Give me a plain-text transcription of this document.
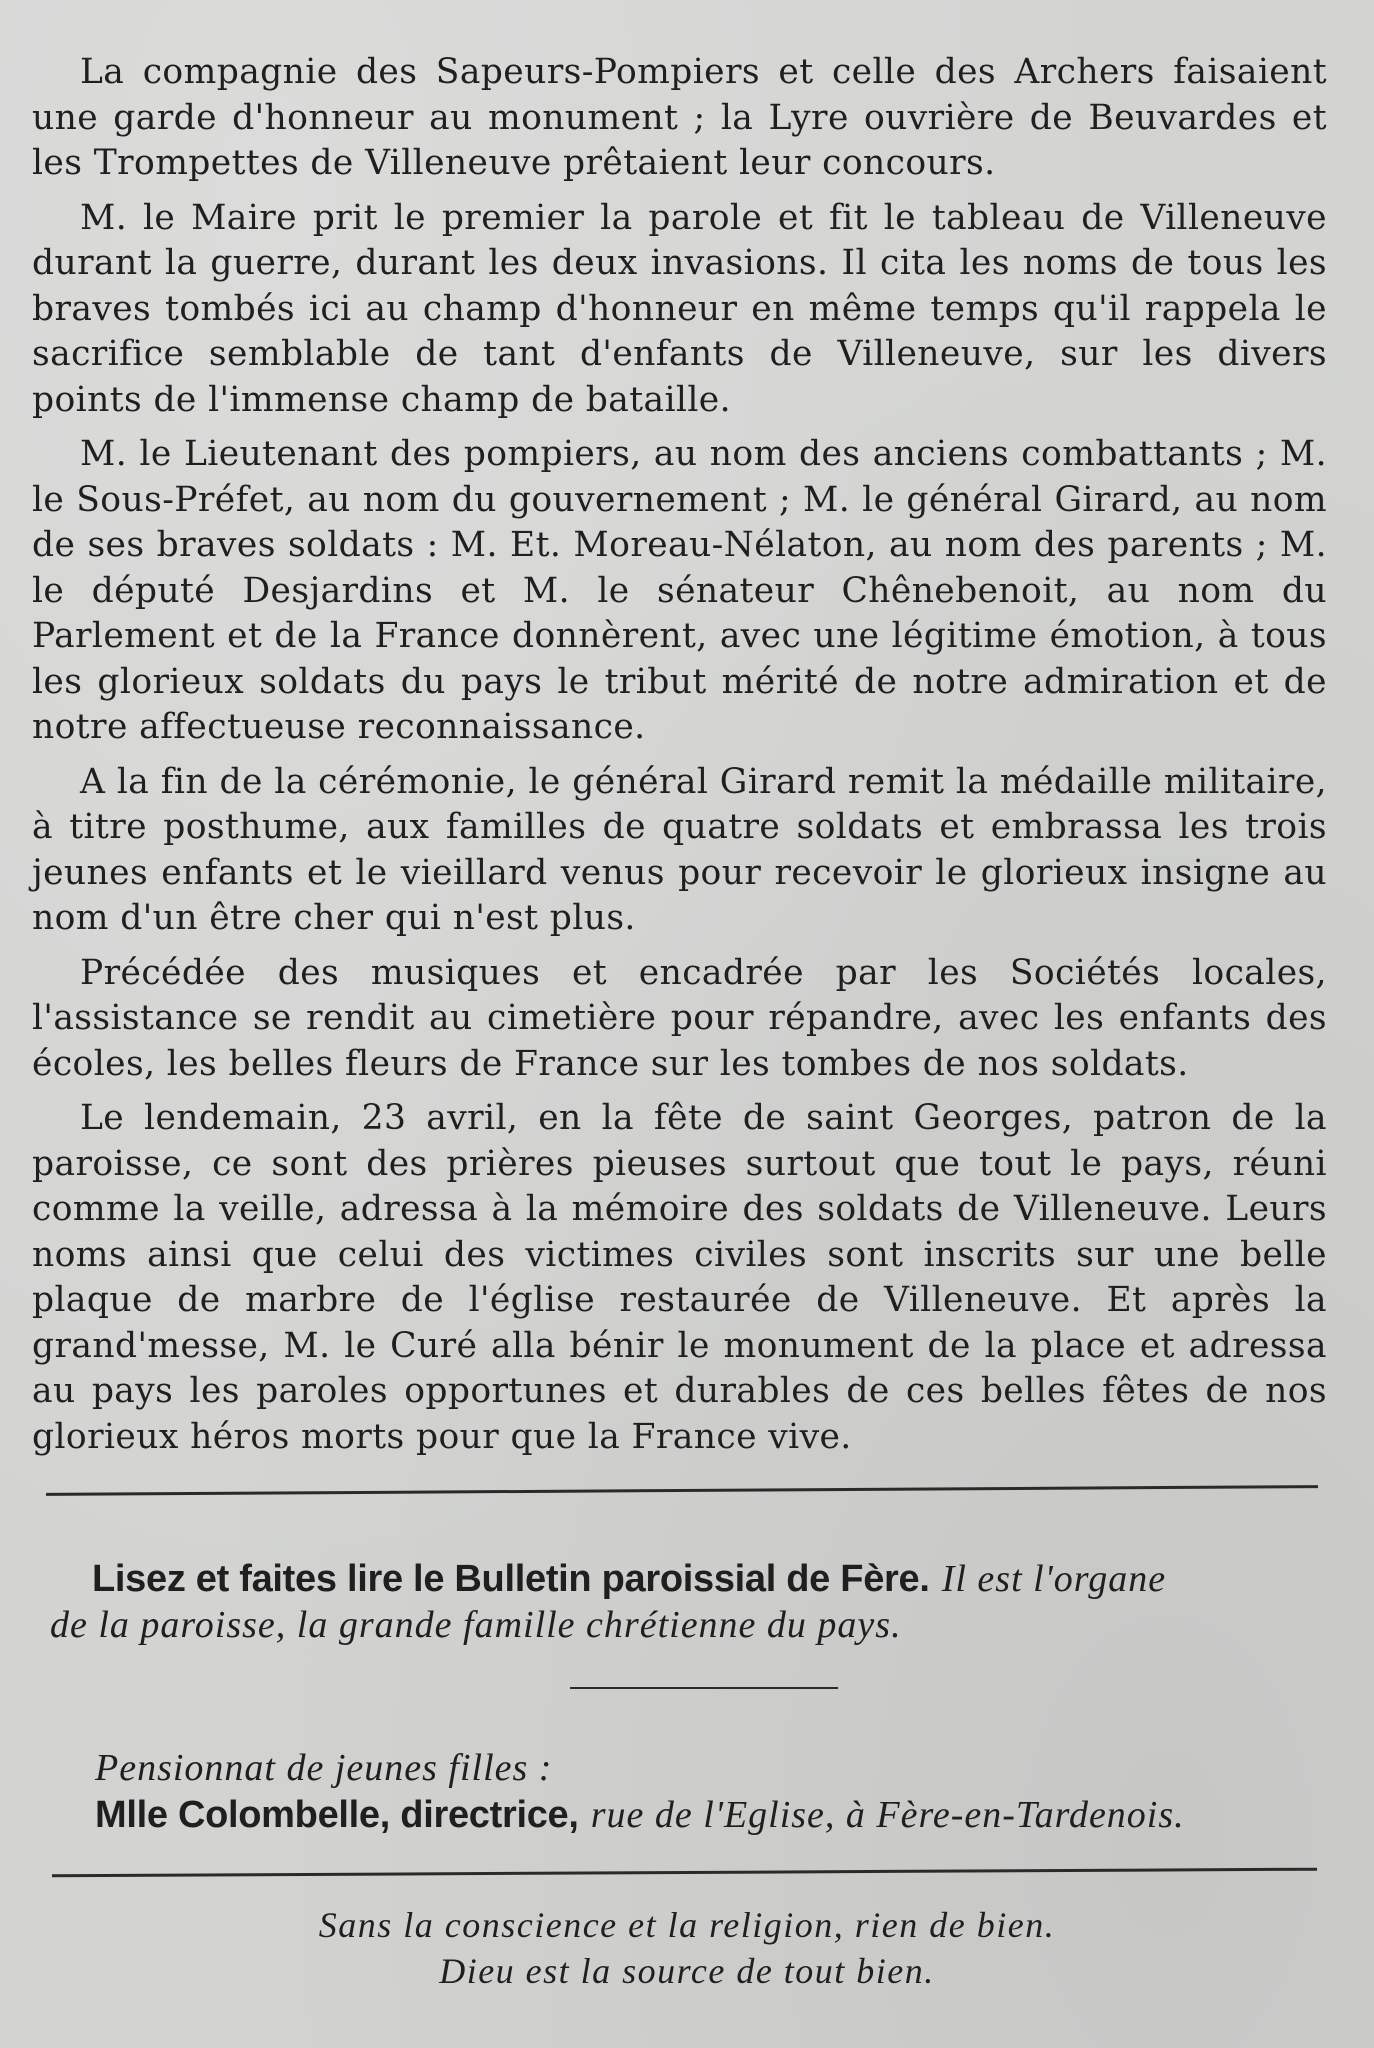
La compagnie des Sapeurs-Pompiers et celle des Archers faisaient une garde d'honneur au monument ; la Lyre ouvrière de Beuvardes et les Trompettes de Villeneuve prêtaient leur concours.

M. le Maire prit le premier la parole et fit le tableau de Villeneuve durant la guerre, durant les deux invasions. Il cita les noms de tous les braves tombés ici au champ d'honneur en même temps qu'il rappela le sacrifice semblable de tant d'enfants de Villeneuve, sur les divers points de l'immense champ de bataille.

M. le Lieutenant des pompiers, au nom des anciens combattants ; M. le Sous-Préfet, au nom du gouvernement ; M. le général Girard, au nom de ses braves soldats : M. Et. Moreau-Nélaton, au nom des parents ; M. le député Desjardins et M. le sénateur Chênebenoit, au nom du Parlement et de la France donnèrent, avec une légitime émotion, à tous les glorieux soldats du pays le tribut mérité de notre admiration et de notre affectueuse reconnaissance.

A la fin de la cérémonie, le général Girard remit la médaille militaire, à titre posthume, aux familles de quatre soldats et embrassa les trois jeunes enfants et le vieillard venus pour recevoir le glorieux insigne au nom d'un être cher qui n'est plus.

Précédée des musiques et encadrée par les Sociétés locales, l'assistance se rendit au cimetière pour répandre, avec les enfants des écoles, les belles fleurs de France sur les tombes de nos soldats.

Le lendemain, 23 avril, en la fête de saint Georges, patron de la paroisse, ce sont des prières pieuses surtout que tout le pays, réuni comme la veille, adressa à la mémoire des soldats de Villeneuve. Leurs noms ainsi que celui des victimes civiles sont inscrits sur une belle plaque de marbre de l'église restaurée de Villeneuve. Et après la grand'messe, M. le Curé alla bénir le monument de la place et adressa au pays les paroles opportunes et durables de ces belles fêtes de nos glorieux héros morts pour que la France vive.

Lisez et faites lire le Bulletin paroissial de Fère. Il est l'organe
de la paroisse, la grande famille chrétienne du pays.
Pensionnat de jeunes filles :
Mlle Colombelle, directrice, rue de l'Eglise, à Fère-en-Tardenois.
Sans la conscience et la religion, rien de bien.
Dieu est la source de tout bien.
